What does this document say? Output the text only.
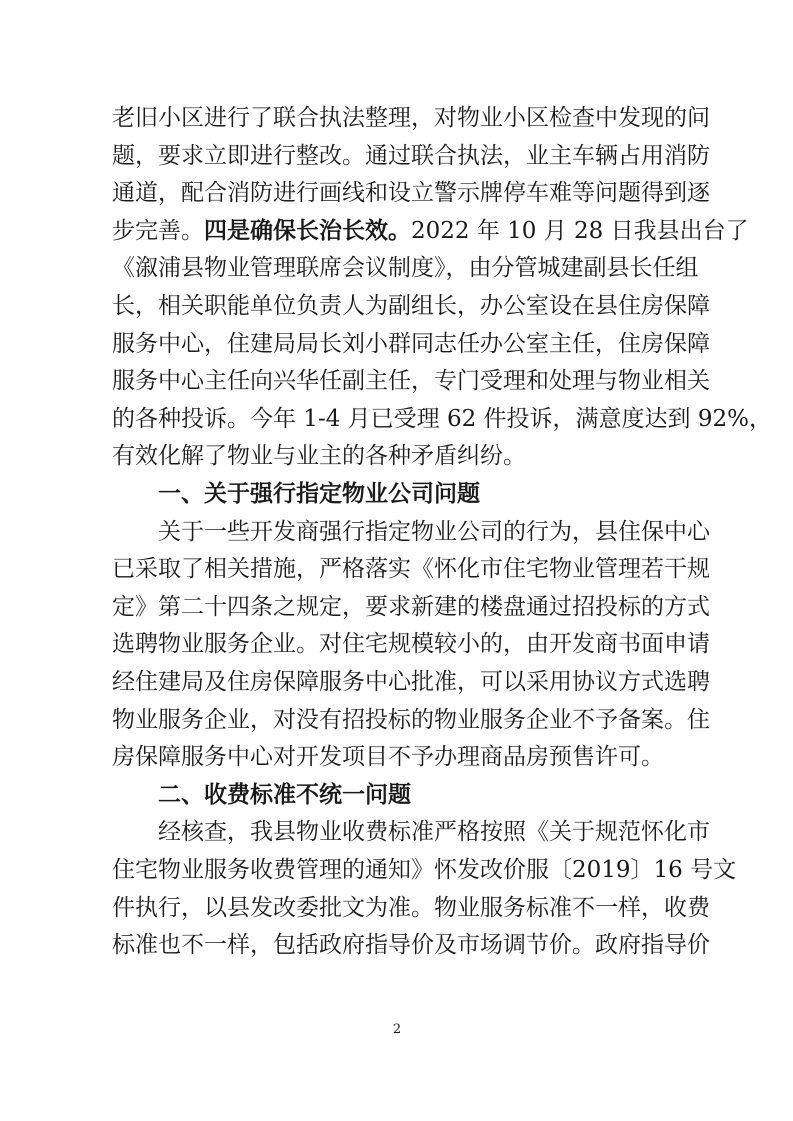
老旧小区进行了联合执法整理，对物业小区检查中发现的问
题，要求立即进行整改。通过联合执法，业主车辆占用消防
通道，配合消防进行画线和设立警示牌停车难等问题得到逐
步完善。四是确保长治长效。2022 年 10 月 28 日我县出台了
《溆浦县物业管理联席会议制度》，由分管城建副县长任组
长，相关职能单位负责人为副组长，办公室设在县住房保障
服务中心，住建局局长刘小群同志任办公室主任，住房保障
服务中心主任向兴华任副主任，专门受理和处理与物业相关
的各种投诉。今年 1-4 月已受理 62 件投诉，满意度达到 92%，
有效化解了物业与业主的各种矛盾纠纷。
一、关于强行指定物业公司问题
关于一些开发商强行指定物业公司的行为，县住保中心
已采取了相关措施，严格落实《怀化市住宅物业管理若干规
定》第二十四条之规定，要求新建的楼盘通过招投标的方式
选聘物业服务企业。对住宅规模较小的，由开发商书面申请
经住建局及住房保障服务中心批准，可以采用协议方式选聘
物业服务企业，对没有招投标的物业服务企业不予备案。住
房保障服务中心对开发项目不予办理商品房预售许可。
二、收费标准不统一问题
经核查，我县物业收费标准严格按照《关于规范怀化市
住宅物业服务收费管理的通知》怀发改价服〔2019〕16 号文
件执行，以县发改委批文为准。物业服务标准不一样，收费
标准也不一样，包括政府指导价及市场调节价。政府指导价
2
